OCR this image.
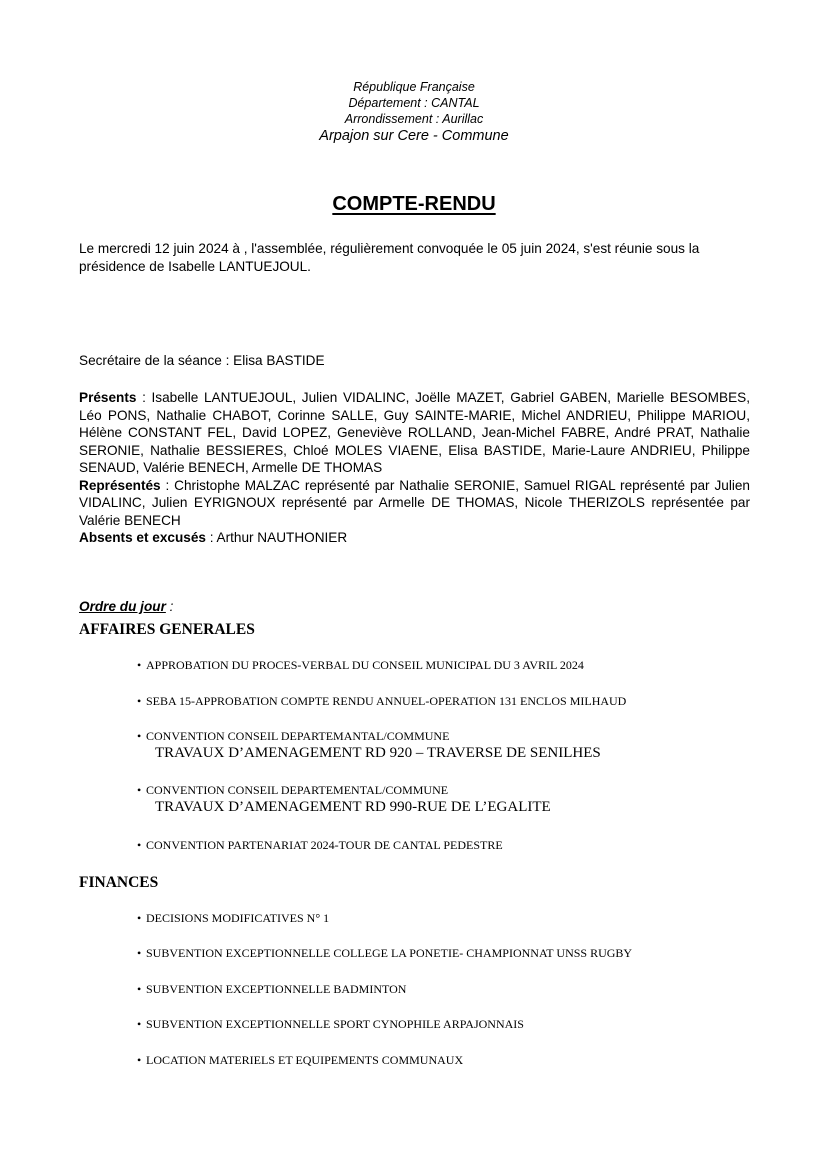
République Française
Département : CANTAL
Arrondissement : Aurillac
Arpajon sur Cere - Commune
COMPTE-RENDU
Le mercredi 12 juin 2024 à , l'assemblée, régulièrement convoquée le 05 juin 2024, s'est réunie sous la présidence de Isabelle LANTUEJOUL.
Secrétaire de la séance : Elisa BASTIDE

Présents : Isabelle LANTUEJOUL, Julien VIDALINC, Joëlle MAZET, Gabriel GABEN, Marielle BESOMBES, Léo PONS, Nathalie CHABOT, Corinne SALLE, Guy SAINTE-MARIE, Michel ANDRIEU, Philippe MARIOU, Hélène CONSTANT FEL, David LOPEZ, Geneviève ROLLAND, Jean-Michel FABRE, André PRAT, Nathalie SERONIE, Nathalie BESSIERES, Chloé MOLES VIAENE, Elisa BASTIDE, Marie-Laure ANDRIEU, Philippe SENAUD, Valérie BENECH, Armelle DE THOMAS

Représentés : Christophe MALZAC représenté par Nathalie SERONIE, Samuel RIGAL représenté par Julien VIDALINC, Julien EYRIGNOUX représenté par Armelle DE THOMAS, Nicole THERIZOLS représentée par Valérie BENECH

Absents et excusés : Arthur NAUTHONIER

Ordre du jour :
AFFAIRES GENERALES
• APPROBATION DU PROCES-VERBAL DU CONSEIL MUNICIPAL DU 3 AVRIL 2024
• SEBA 15-APPROBATION COMPTE RENDU ANNUEL-OPERATION 131 ENCLOS MILHAUD
• CONVENTION CONSEIL DEPARTEMANTAL/COMMUNE
TRAVAUX D’AMENAGEMENT RD 920 – TRAVERSE DE SENILHES
• CONVENTION CONSEIL DEPARTEMENTAL/COMMUNE
TRAVAUX D’AMENAGEMENT RD 990-RUE DE L’EGALITE
• CONVENTION PARTENARIAT 2024-TOUR DE CANTAL PEDESTRE
FINANCES
• DECISIONS MODIFICATIVES N° 1
• SUBVENTION EXCEPTIONNELLE COLLEGE LA PONETIE- CHAMPIONNAT UNSS RUGBY
• SUBVENTION EXCEPTIONNELLE BADMINTON
• SUBVENTION EXCEPTIONNELLE SPORT CYNOPHILE ARPAJONNAIS
• LOCATION MATERIELS ET EQUIPEMENTS COMMUNAUX
